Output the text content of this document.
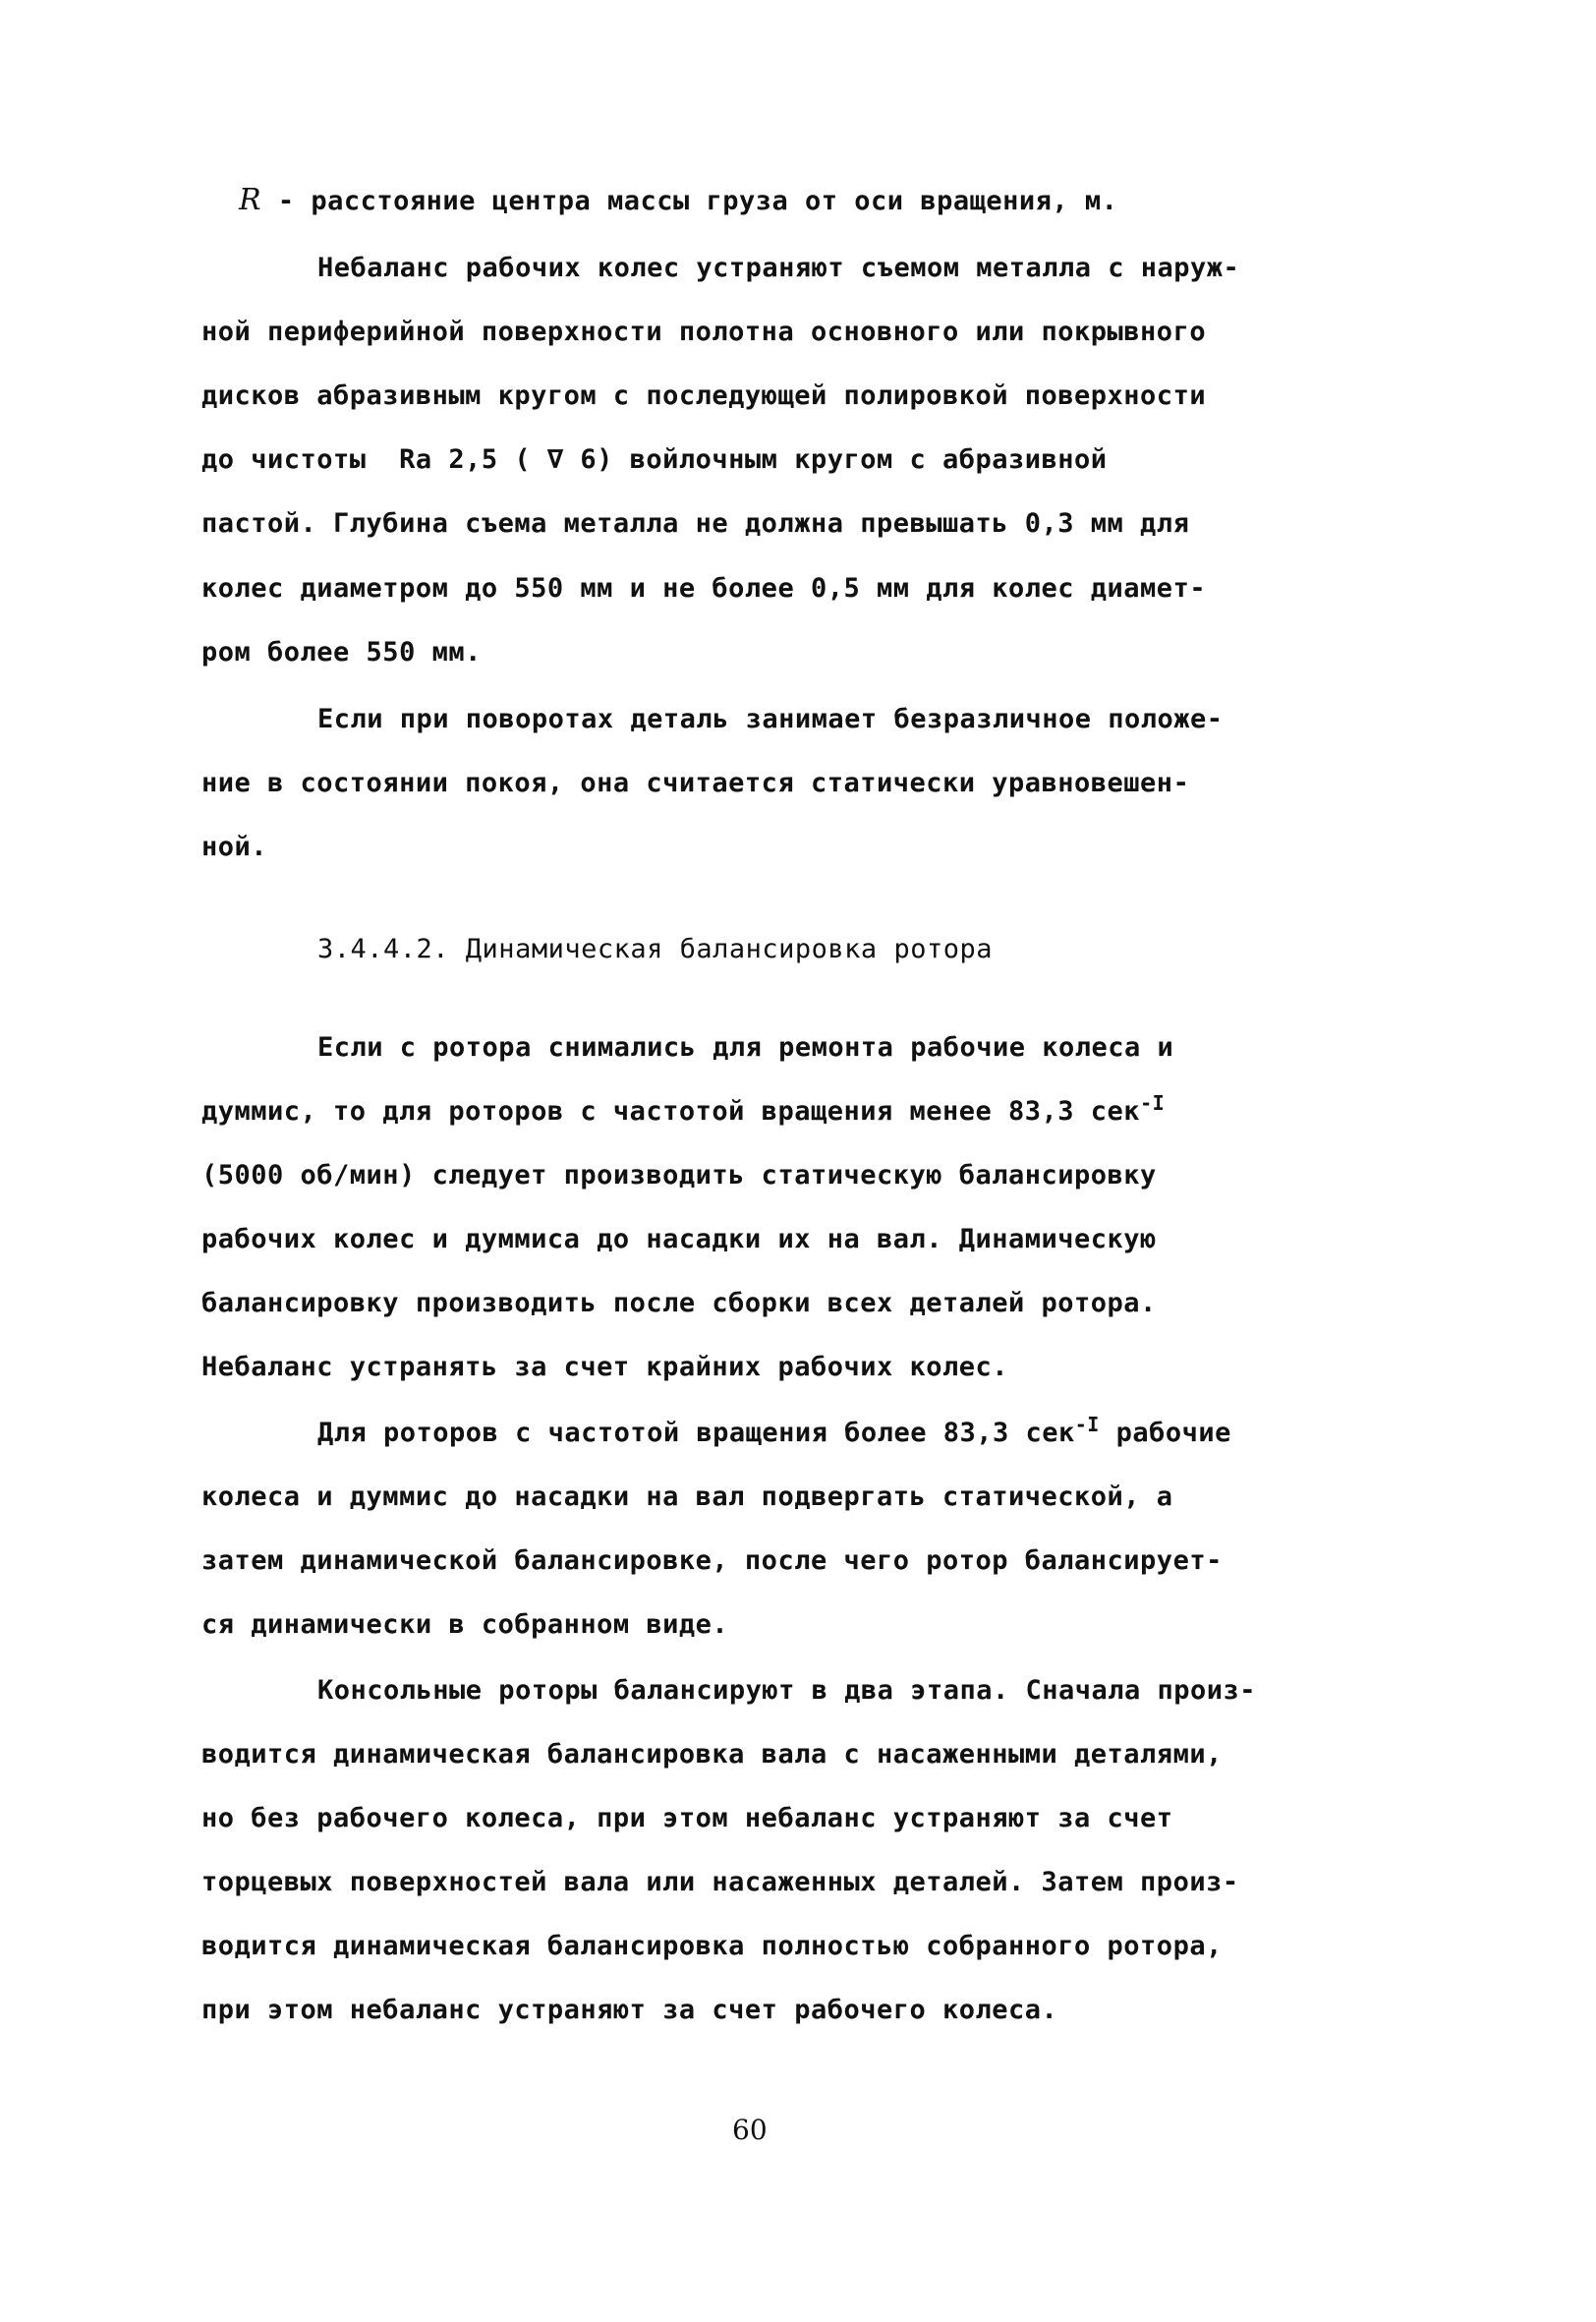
R - расстояние центра массы груза от оси вращения, м.
Небаланс рабочих колес устраняют съемом металла с наруж-
ной периферийной поверхности полотна основного или покрывного
дисков абразивным кругом с последующей полировкой поверхности
до чистоты  Ra 2,5 ( ∇ 6) войлочным кругом с абразивной
пастой. Глубина съема металла не должна превышать 0,3 мм для
колес диаметром до 550 мм и не более 0,5 мм для колес диамет-
ром более 550 мм.
Если при поворотах деталь занимает безразличное положе-
ние в состоянии покоя, она считается статически уравновешен-
ной.
3.4.4.2. Динамическая балансировка ротора
Если с ротора снимались для ремонта рабочие колеса и
думмис, то для роторов с частотой вращения менее 83,3 сек$^{-I}$
(5000 об/мин) следует производить статическую балансировку
рабочих колес и думмиса до насадки их на вал. Динамическую
балансировку производить после сборки всех деталей ротора.
Небаланс устранять за счет крайних рабочих колес.
Для роторов с частотой вращения более 83,3 сек$^{-I}$ рабочие
колеса и думмис до насадки на вал подвергать статической, а
затем динамической балансировке, после чего ротор балансирует-
ся динамически в собранном виде.
Консольные роторы балансируют в два этапа. Сначала произ-
водится динамическая балансировка вала с насаженными деталями,
но без рабочего колеса, при этом небаланс устраняют за счет
торцевых поверхностей вала или насаженных деталей. Затем произ-
водится динамическая балансировка полностью собранного ротора,
при этом небаланс устраняют за счет рабочего колеса.
60
